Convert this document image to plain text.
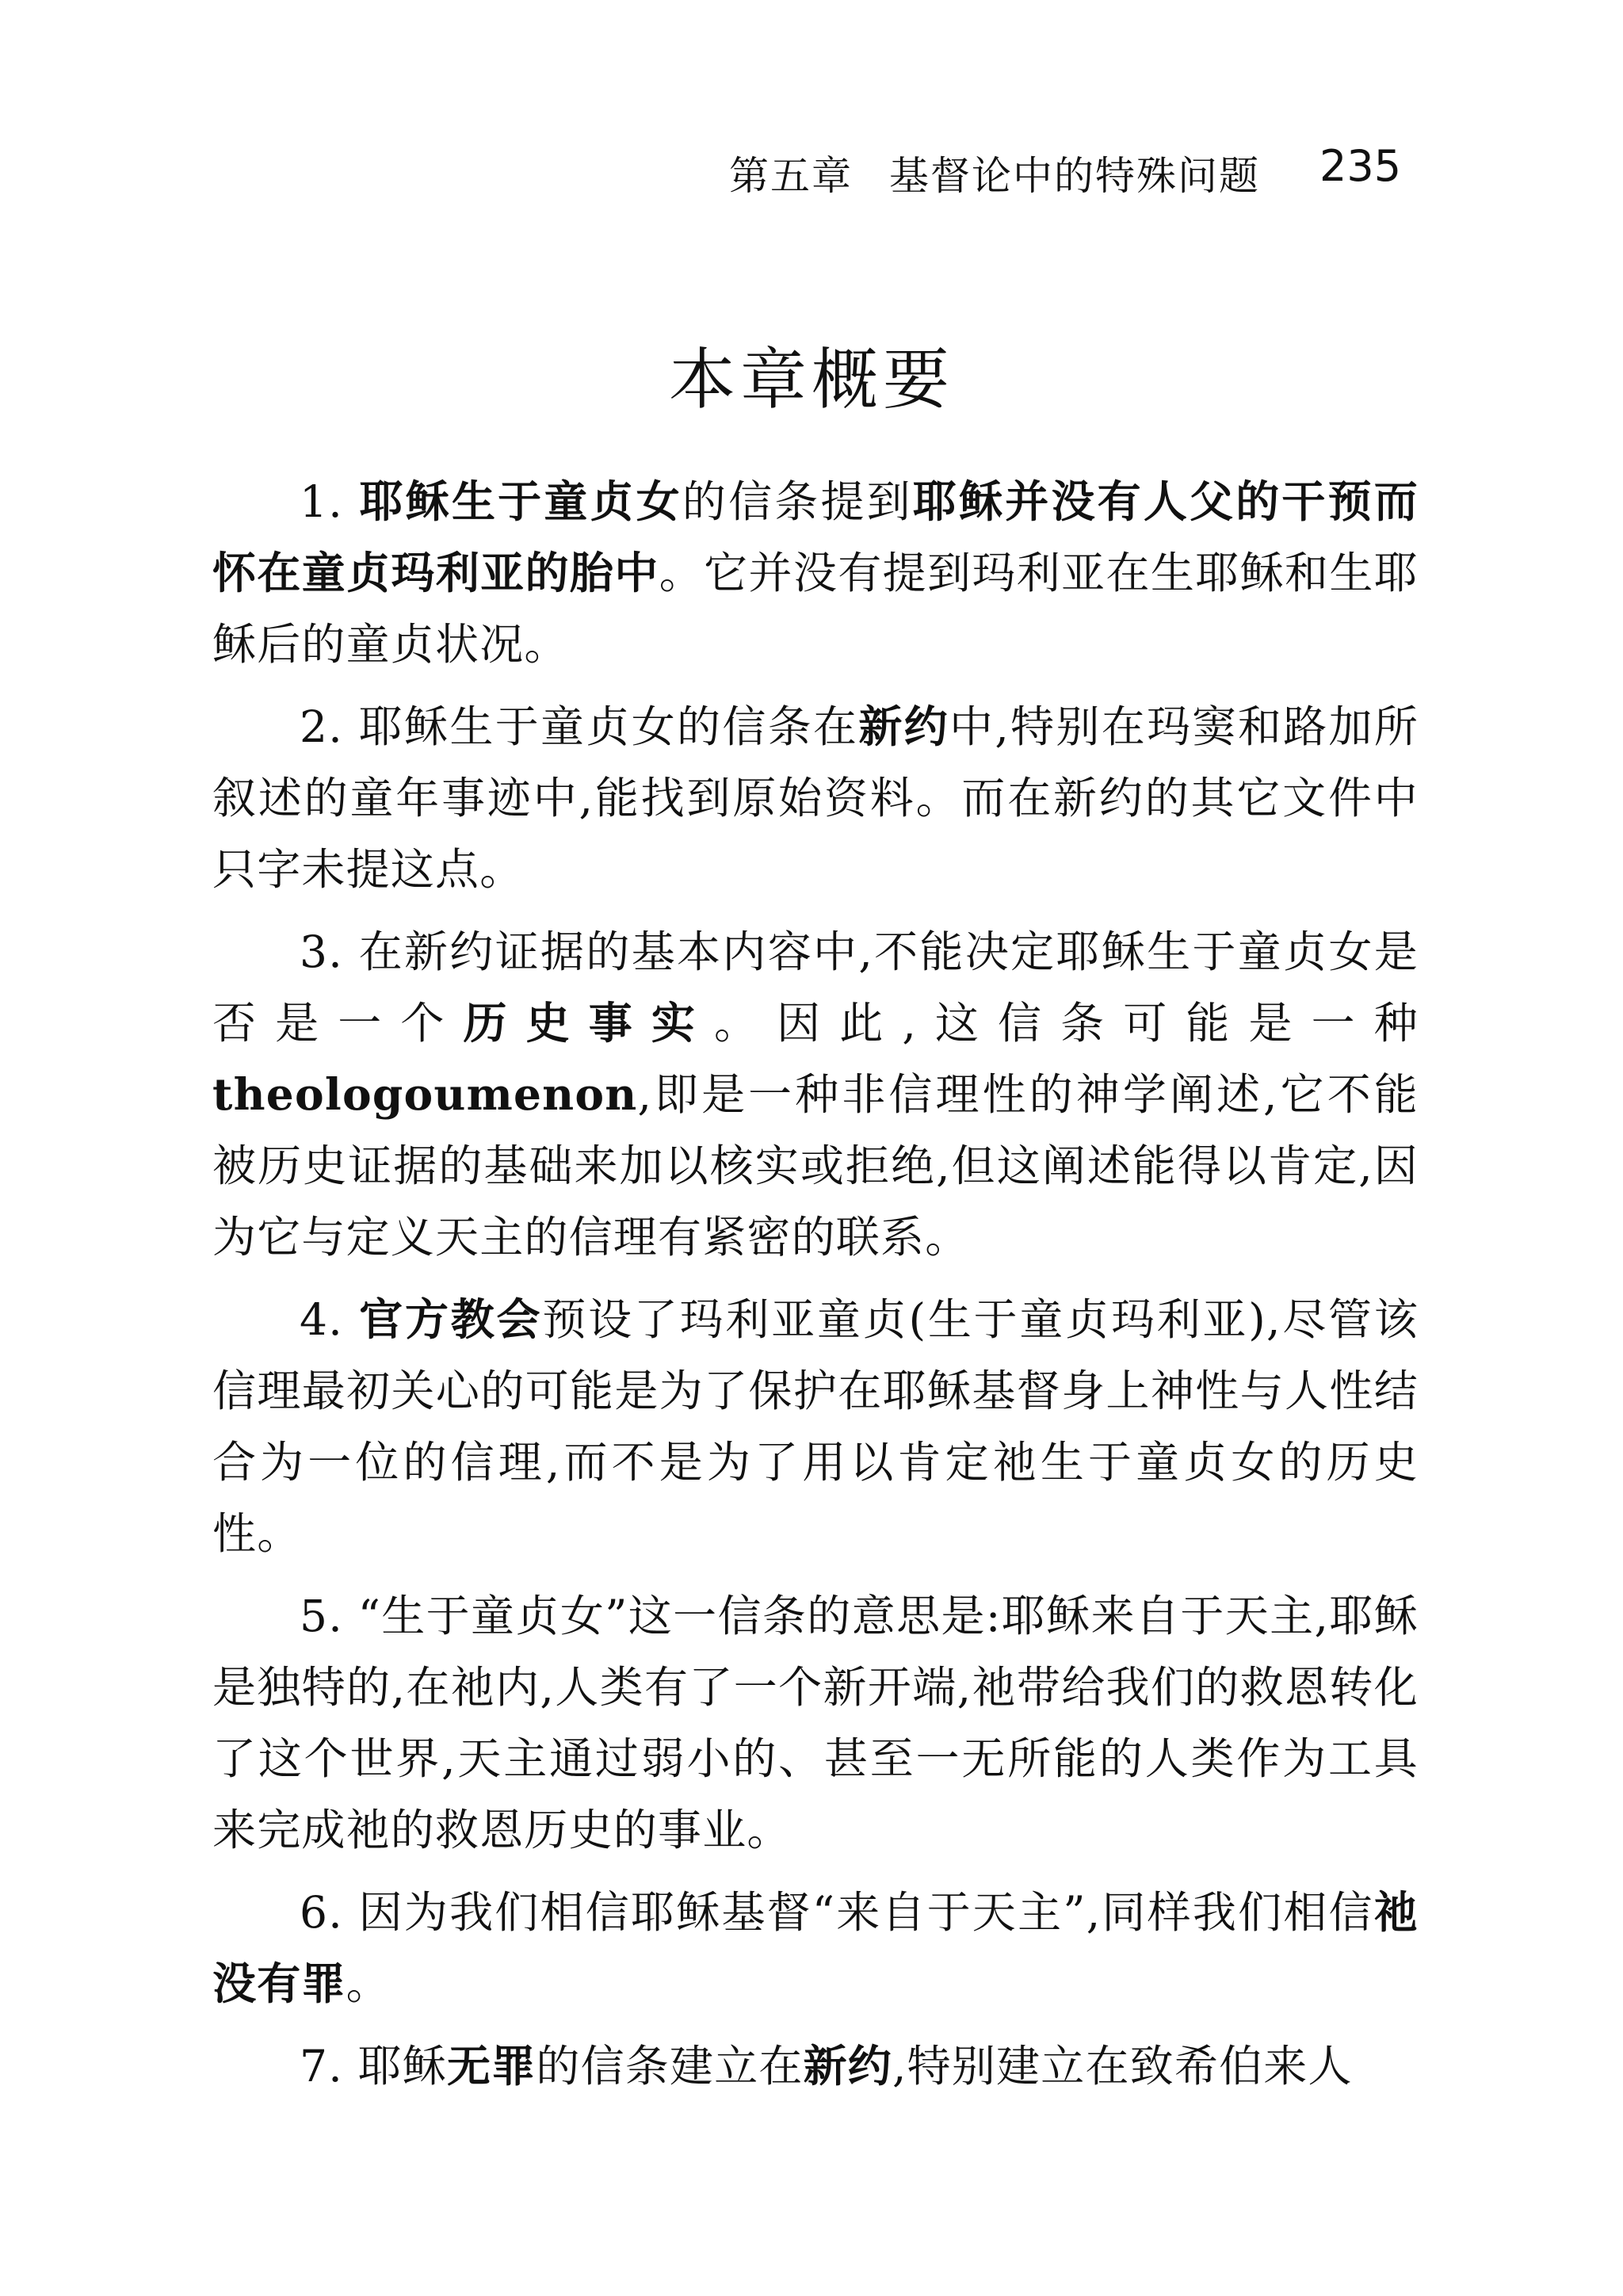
第五章 基督论中的特殊问题 235
本章概要

1. 耶稣生于童贞女的信条提到耶稣并没有人父的干预而怀在童贞玛利亚的胎中。它并没有提到玛利亚在生耶稣和生耶稣后的童贞状况。

2. 耶稣生于童贞女的信条在新约中,特别在玛窦和路加所叙述的童年事迹中,能找到原始资料。而在新约的其它文件中只字未提这点。

3. 在新约证据的基本内容中,不能决定耶稣生于童贞女是否是一个历史事实。因此,这信条可能是一种 theologoumenon,即是一种非信理性的神学阐述,它不能被历史证据的基础来加以核实或拒绝,但这阐述能得以肯定,因为它与定义天主的信理有紧密的联系。

4. 官方教会预设了玛利亚童贞(生于童贞玛利亚),尽管该信理最初关心的可能是为了保护在耶稣基督身上神性与人性结合为一位的信理,而不是为了用以肯定祂生于童贞女的历史性。

5. “生于童贞女”这一信条的意思是:耶稣来自于天主,耶稣是独特的,在祂内,人类有了一个新开端,祂带给我们的救恩转化了这个世界,天主通过弱小的、甚至一无所能的人类作为工具来完成祂的救恩历史的事业。

6. 因为我们相信耶稣基督“来自于天主”,同样我们相信祂没有罪。

7. 耶稣无罪的信条建立在新约,特别建立在致希伯来人
